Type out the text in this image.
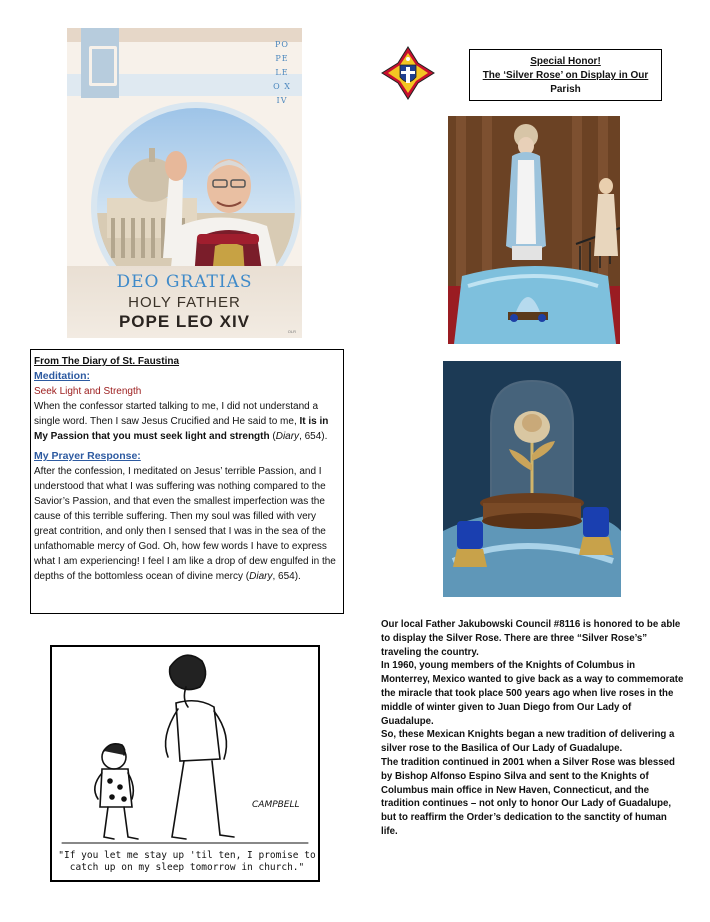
POPE LEO XIV
DEO GRATIAS
HOLY FATHER
POPE LEO XIV
OLR
Special Honor!
The ‘Silver Rose’ on Display in Our
Parish
From The Diary of St. Faustina
Meditation:
Seek Light and Strength

When the confessor started talking to me, I did not understand a single word. Then I saw Jesus Crucified and He said to me, It is in My Passion that you must seek light and strength (Diary, 654).

My Prayer Response:

After the confession, I meditated on Jesus’ terrible Passion, and I understood that what I was suffering was nothing compared to the Savior’s Passion, and that even the smallest imperfection was the cause of this terrible suffering. Then my soul was filled with very great contrition, and only then I sensed that I was in the sea of the unfathomable mercy of God. Oh, how few words I have to express what I am experiencing! I feel I am like a drop of dew engulfed in the depths of the bottomless ocean of divine mercy (Diary, 654).

CAMPBELL
"If you let me stay up 'til ten, I promise to catch up on my sleep tomorrow in church."

Our local Father Jakubowski Council #8116 is honored to be able to display the Silver Rose. There are three “Silver Rose’s” traveling the country.

In 1960, young members of the Knights of Columbus in Monterrey, Mexico wanted to give back as a way to commemorate the miracle that took place 500 years ago when live roses in the middle of winter given to Juan Diego from Our Lady of Guadalupe.

So, these Mexican Knights began a new tradition of delivering a silver rose to the Basilica of Our Lady of Guadalupe.

The tradition continued in 2001 when a Silver Rose was blessed by Bishop Alfonso Espino Silva and sent to the Knights of Columbus main office in New Haven, Connecticut, and the tradition continues – not only to honor Our Lady of Guadalupe, but to reaffirm the Order’s dedication to the sanctity of human life.
